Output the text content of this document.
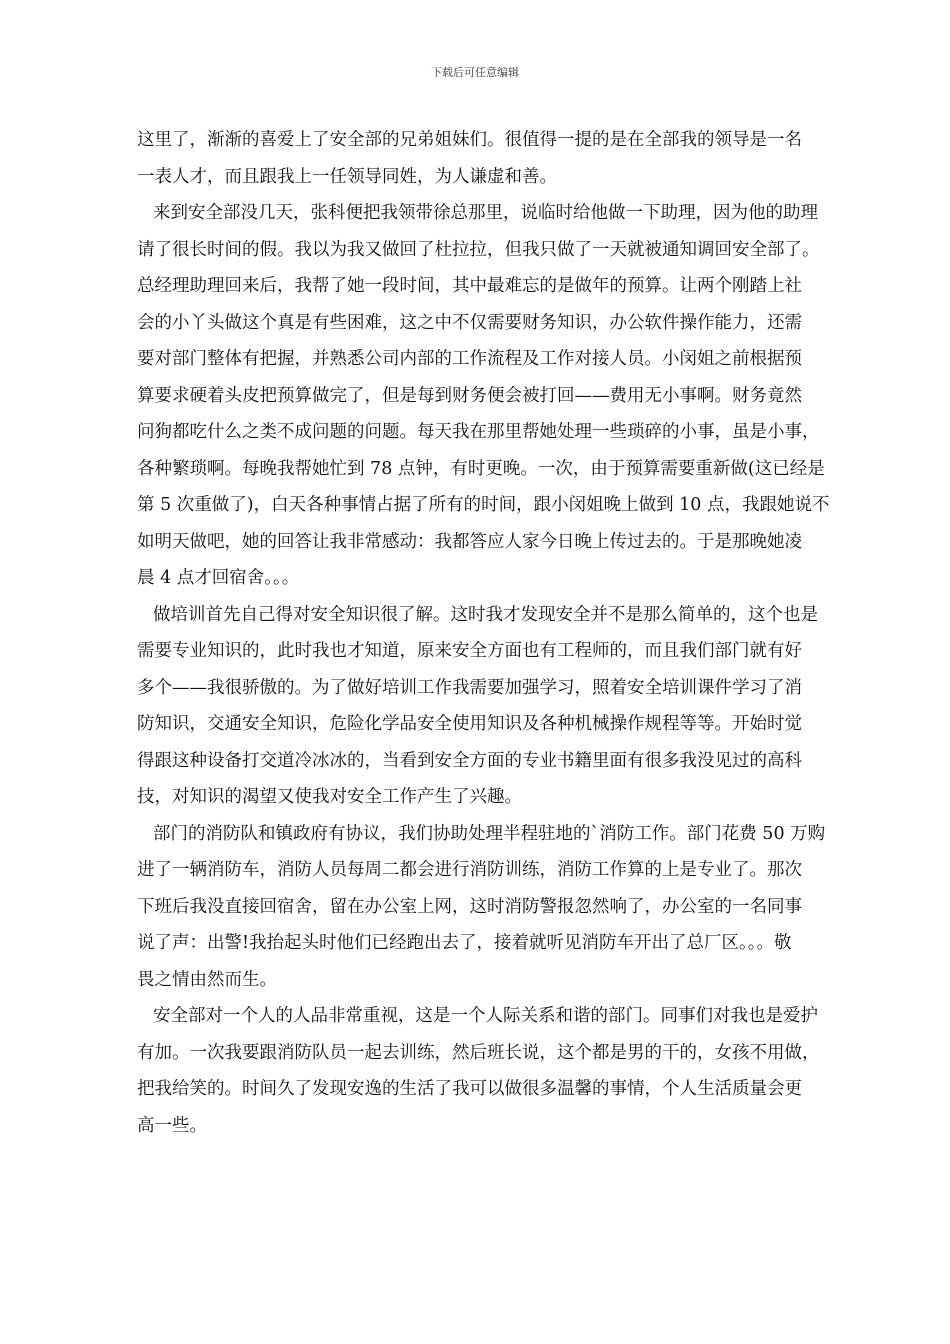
下载后可任意编辑
这里了，渐渐的喜爱上了安全部的兄弟姐妹们。很值得一提的是在全部我的领导是一名
一表人才，而且跟我上一任领导同姓，为人谦虚和善。
来到安全部没几天，张科便把我领带徐总那里，说临时给他做一下助理，因为他的助理
请了很长时间的假。我以为我又做回了杜拉拉，但我只做了一天就被通知调回安全部了。
总经理助理回来后，我帮了她一段时间，其中最难忘的是做年的预算。让两个刚踏上社
会的小丫头做这个真是有些困难，这之中不仅需要财务知识，办公软件操作能力，还需
要对部门整体有把握，并熟悉公司内部的工作流程及工作对接人员。小闵姐之前根据预
算要求硬着头皮把预算做完了，但是每到财务便会被打回——费用无小事啊。财务竟然
问狗都吃什么之类不成问题的问题。每天我在那里帮她处理一些琐碎的小事，虽是小事，
各种繁琐啊。每晚我帮她忙到 78 点钟，有时更晚。一次，由于预算需要重新做(这已经是
第 5 次重做了)，白天各种事情占据了所有的时间，跟小闵姐晚上做到 10 点，我跟她说不
如明天做吧，她的回答让我非常感动：我都答应人家今日晚上传过去的。于是那晚她凌
晨 4 点才回宿舍。。。
做培训首先自己得对安全知识很了解。这时我才发现安全并不是那么简单的，这个也是
需要专业知识的，此时我也才知道，原来安全方面也有工程师的，而且我们部门就有好
多个——我很骄傲的。为了做好培训工作我需要加强学习，照着安全培训课件学习了消
防知识，交通安全知识，危险化学品安全使用知识及各种机械操作规程等等。开始时觉
得跟这种设备打交道冷冰冰的，当看到安全方面的专业书籍里面有很多我没见过的高科
技，对知识的渴望又使我对安全工作产生了兴趣。
部门的消防队和镇政府有协议，我们协助处理半程驻地的`消防工作。部门花费 50 万购
进了一辆消防车，消防人员每周二都会进行消防训练，消防工作算的上是专业了。那次
下班后我没直接回宿舍，留在办公室上网，这时消防警报忽然响了，办公室的一名同事
说了声：出警!我抬起头时他们已经跑出去了，接着就听见消防车开出了总厂区。。。敬
畏之情由然而生。
安全部对一个人的人品非常重视，这是一个人际关系和谐的部门。同事们对我也是爱护
有加。一次我要跟消防队员一起去训练，然后班长说，这个都是男的干的，女孩不用做，
把我给笑的。时间久了发现安逸的生活了我可以做很多温馨的事情，个人生活质量会更
高一些。
